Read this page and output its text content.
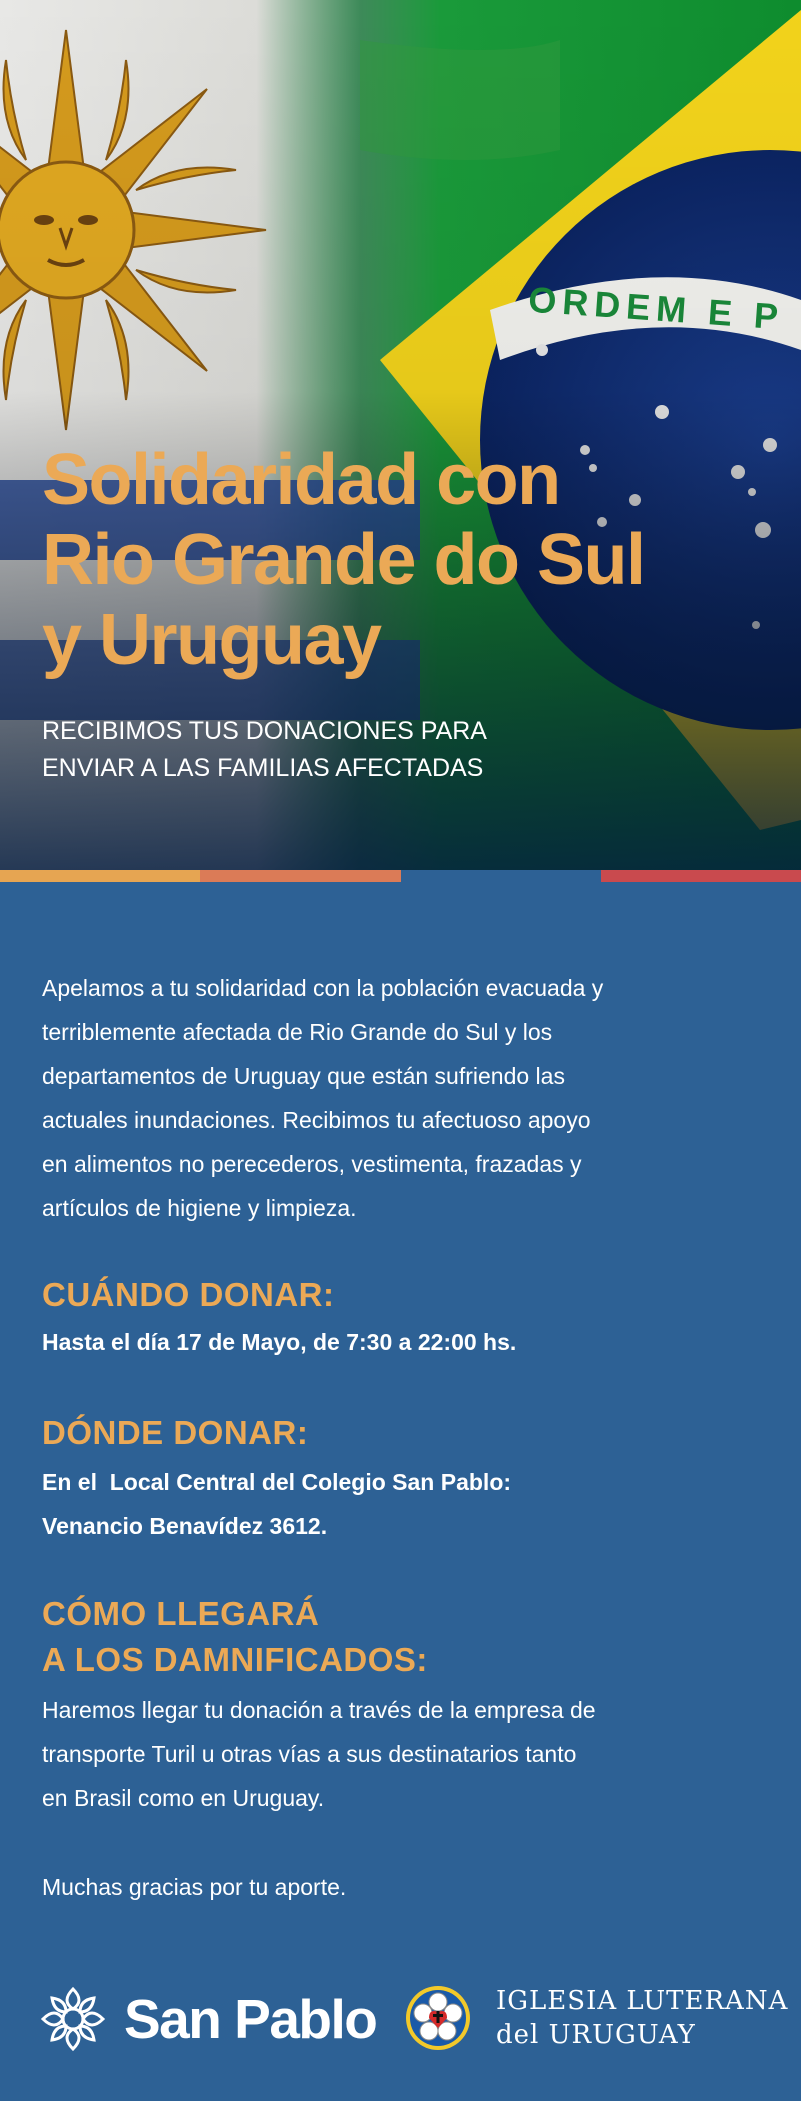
Solidaridad con
Rio Grande do Sul
y Uruguay
RECIBIMOS TUS DONACIONES PARA
ENVIAR A LAS FAMILIAS AFECTADAS
Apelamos a tu solidaridad con la población evacuada y
terriblemente afectada de Rio Grande do Sul y los
departamentos de Uruguay que están sufriendo las
actuales inundaciones. Recibimos tu afectuoso apoyo
en alimentos no perecederos, vestimenta, frazadas y
artículos de higiene y limpieza.
CUÁNDO DONAR:
Hasta el día 17 de Mayo, de 7:30 a 22:00 hs.
DÓNDE DONAR:
En el  Local Central del Colegio San Pablo:
Venancio Benavídez 3612.
CÓMO LLEGARÁ
A LOS DAMNIFICADOS:
Haremos llegar tu donación a través de la empresa de
transporte Turil u otras vías a sus destinatarios tanto
en Brasil como en Uruguay.
Muchas gracias por tu aporte.
San Pablo	IGLESIA LUTERANA
del URUGUAY
